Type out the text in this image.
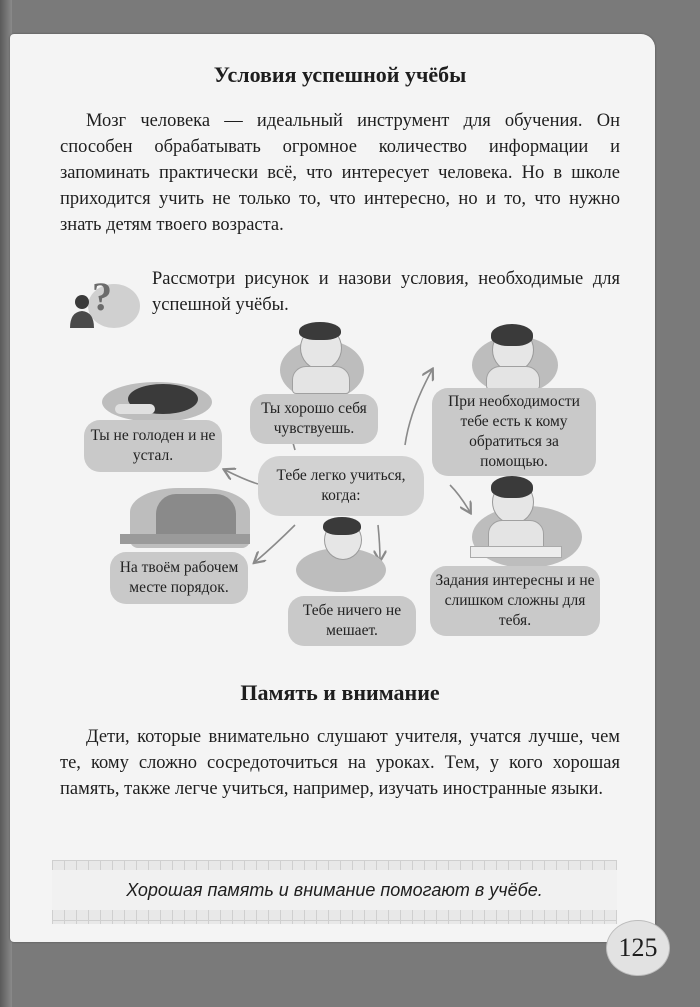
Условия успешной учёбы
Мозг человека — идеальный инструмент для обучения. Он способен обрабатывать огромное количество информации и запоминать практически всё, что интересует человека. Но в школе приходится учить не только то, что интересно, но и то, что нужно знать детям твоего возраста.
? Рассмотри рисунок и назови условия, необходимые для успешной учёбы.
Ты не голоден и не устал.
Ты хорошо себя чувствуешь.
При необходимости тебе есть к кому обратиться за помощью.
Тебе легко учиться, когда:
На твоём рабочем месте порядок.
Тебе ничего не мешает.
Задания интересны и не слишком сложны для тебя.
Память и внимание
Дети, которые внимательно слушают учителя, учатся лучше, чем те, кому сложно сосредоточиться на уроках. Тем, у кого хорошая память, также легче учиться, например, изучать иностранные языки.
Хорошая память и внимание помогают в учёбе.
125
